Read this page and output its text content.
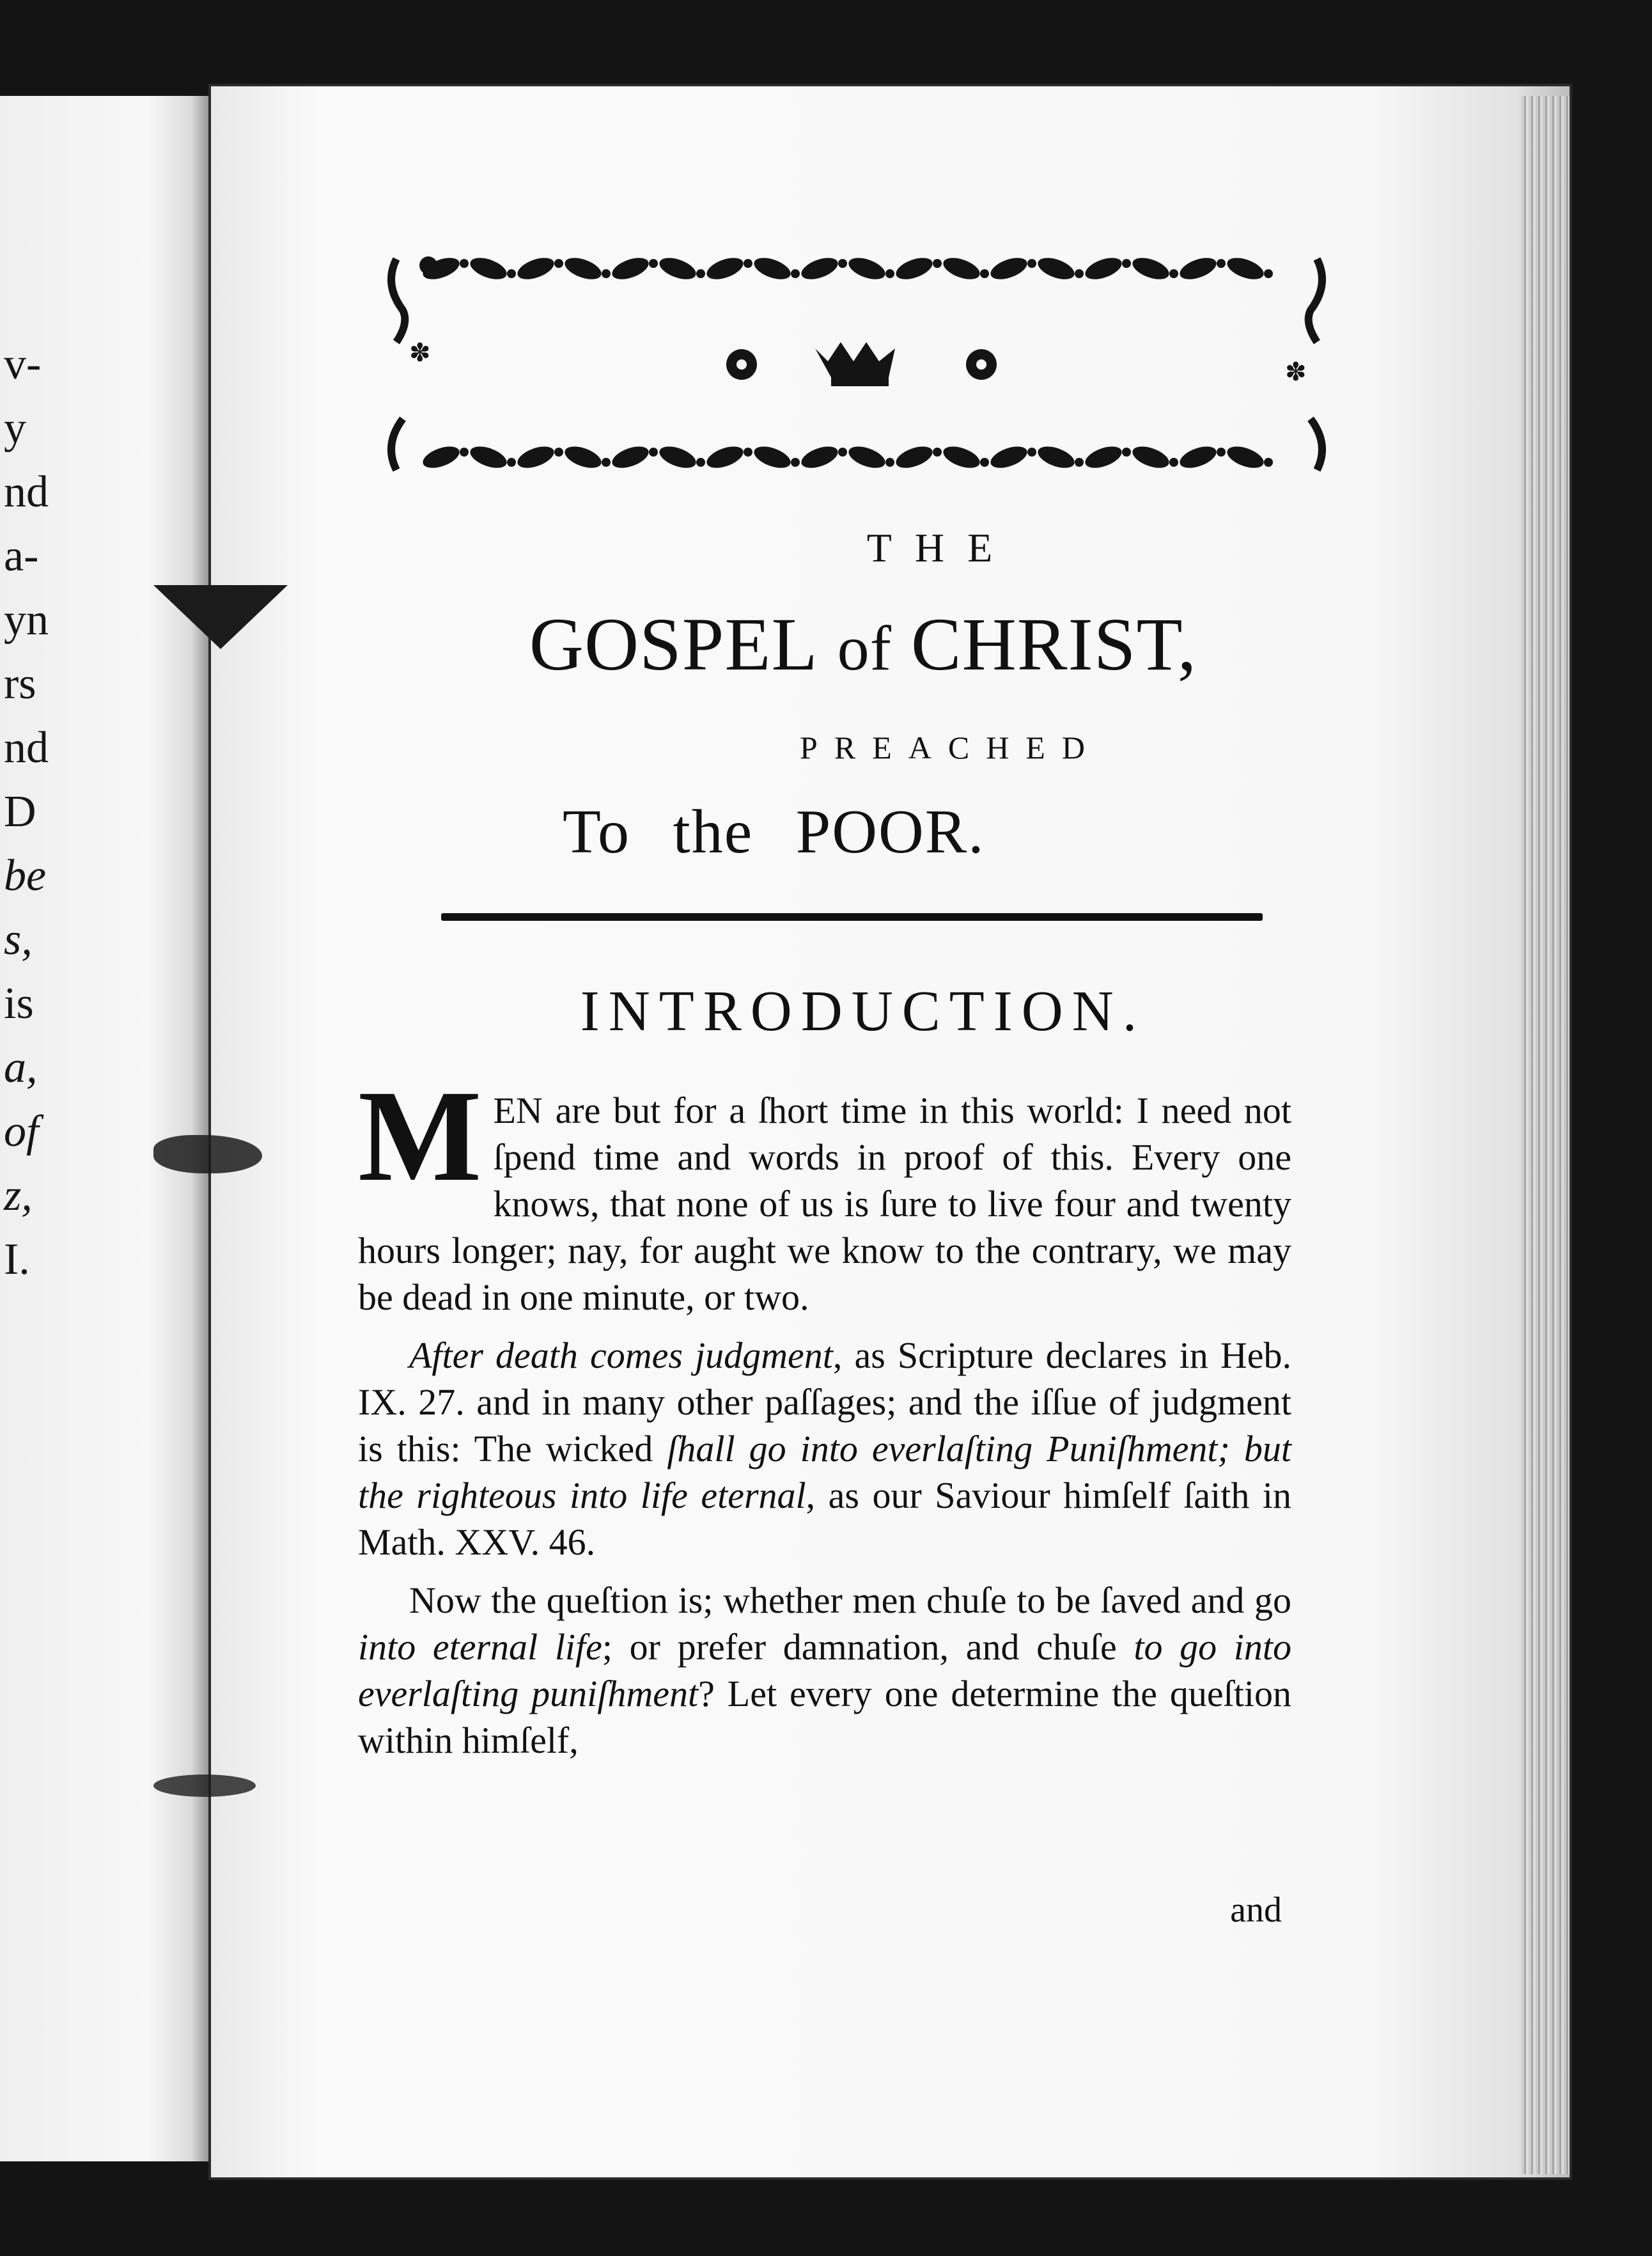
v-
y
nd
a-
yn
rs
nd
D
be
s,
is
a,
of
z,
I.
✽
✽
THE
GOSPEL of CHRIST,
PREACHED
To the POOR.
INTRODUCTION.

MEN are but for a ſhort time in this world: I need not ſpend time and words in proof of this. Every one knows, that none of us is ſure to live four and twenty hours longer; nay, for aught we know to the contrary, we may be dead in one minute, or two.

After death comes judgment, as Scripture declares in Heb. IX. 27. and in many other paſſages; and the iſſue of judgment is this: The wicked ſhall go into everlaſting Puniſhment; but the righteous into life eternal, as our Saviour himſelf ſaith in Math. XXV. 46.

Now the queſtion is; whether men chuſe to be ſaved and go into eternal life; or prefer damnation, and chuſe to go into everlaſting puniſhment? Let every one determine the queſtion within himſelf,

and
